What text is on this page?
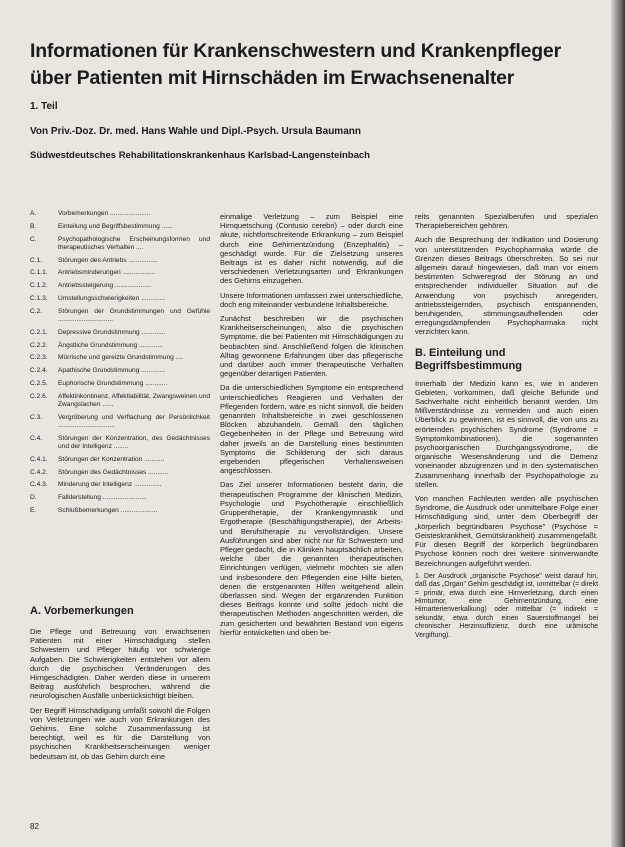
Informationen für Krankenschwestern und Krankenpfleger
über Patienten mit Hirnschäden im Erwachsenenalter
1. Teil
Von Priv.-Doz. Dr. med. Hans Wahle und Dipl.-Psych. Ursula Baumann
Südwestdeutsches Rehabilitationskrankenhaus Karlsbad-Langensteinbach
A.	Vorbemerkungen ......................
B.	Einteilung und Begriffsbestimmung ......
C.	Psychopathologische Erscheinungsformen und therapeutisches Verhalten ....
C.1.	Störungen des Antriebs ................
C.1.1.	Antriebsminderungen ..................
C.1.2.	Antriebssteigerung ....................
C.1.3.	Umstellungsschwierigkeiten .............
C.2.	Störungen der Grundstimmungen und Gefühle ..............................
C.2.1.	Depressive Grundstimmung .............
C.2.2.	Ängstliche Grundstimmung .............
C.2.3.	Mürrische und gereizte Grundstimmung ....
C.2.4.	Apathische Grundstimmung .............
C.2.5.	Euphorische Grundstimmung ............
C.2.6.	Affektinkontinenz, Affektlabilität, Zwangsweinen und Zwangslachen ......
C.3.	Vergröberung und Verflachung der Persönlichkeit ...............................
C.4.	Störungen der Konzentration, des Gedächtnisses und der Intelligenz ........
C.4.1.	Störungen der Konzentration ...........
C.4.2.	Störungen des Gedächtnisses ...........
C.4.3.	Minderung der Intelligenz ...............
D.	Fallderstellung ........................
E.	Schlußbemerkungen ....................
A. Vorbemerkungen

Die Pflege und Betreuung von erwachsenen Patienten mit einer Hirnschädigung stellen Schwestern und Pfleger häufig vor schwierige Aufgaben. Die Schwierigkeiten entstehen vor allem durch die psychischen Veränderungen des Hirngeschädigten. Daher werden diese in unserem Beitrag ausführlich besprochen, während die neurologischen Ausfälle unberücksichtigt bleiben.

Der Begriff Hirnschädigung umfaßt sowohl die Folgen von Verletzungen wie auch von Erkrankungen des Gehirns. Eine solche Zusammenfassung ist berechtigt, weil es für die Darstellung von psychischen Krankheitserscheinungen weniger bedeutsam ist, ob das Gehirn durch eine

einmalige Verletzung – zum Beispiel eine Hirnquetschung (Contusio cerebri) – oder durch eine akute, nichtfortschreitende Erkrankung – zum Beispiel durch eine Gehirnentzündung (Enzephalitis) – geschädigt wurde. Für die Zielsetzung unseres Beitrags ist es daher nicht notwendig, auf die verschiedenen Verletzungsarten und Erkrankungen des Gehirns einzugehen.

Unsere Informationen umfassen zwei unterschiedliche, doch eng miteinander verbundene Inhaltsbereiche.

Zunächst beschreiben wir die psychischen Krankheitserscheinungen, also die psychischen Symptome, die bei Patienten mit Hirnschädigungen zu beobachten sind. Anschließend folgen die klinischen Alltag gewonnene Erfahrungen über das pflegerische und darüber auch immer therapeutische Verhalten gegenüber derartigen Patienten.

Da die unterschiedlichen Symptome ein entsprechend unterschiedliches Reagieren und Verhalten der Pflegenden fordern, wäre es nicht sinnvoll, die beiden genannten Inhaltsbereiche in zwei geschlossenen Blöcken abzuhandeln. Gemäß den täglichen Gegebenheiten in der Pflege und Betreuung wird daher jeweils an die Darstellung eines bestimmten Symptoms die Schilderung der sich daraus ergebenden pflegerischen Verhaltensweisen angeschlossen.

Das Ziel unserer Informationen besteht darin, die therapeutischen Programme der klinischen Medizin, Psychologie und Psychotherapie einschließlich Gruppentherapie, der Krankengymnastik und Ergotherapie (Beschäftigungstherapie), der Arbeits- und Berufstherapie zu vervollständigen. Unsere Ausführungen sind aber nicht nur für Schwestern und Pfleger gedacht, die in Kliniken hauptsächlich arbeiten, welche über die genannten therapeutischen Einrichtungen verfügen, vielmehr möchten sie allen und insbesondere den Pflegenden eine Hilfe bieten, denen die erstgenannten Hilfen weitgehend allein überlassen sind. Wegen der ergänzenden Funktion dieses Beitrags konnte und sollte jedoch nicht die therapeutischen Methoden angeschnitten werden, die zum gesicherten und bewährten Bestand von eigens hierfür entwickelten und oben be-

reits genannten Spezialberufen und spezialen Therapiebereichen gehören.

Auch die Besprechung der Indikation und Dosierung von unterstützenden Psychopharmaka würde die Grenzen dieses Beitrags überschreiten. So sei nur allgemein darauf hingewiesen, daß man vor einem bestimmten Schweregrad der Störung an und entsprechender individueller Situation auf die Anwendung von psychisch anregenden, antriebssteigernden, psychisch entspannenden, beruhigenden, stimmungsaufhellenden oder erregungsdämpfenden Psychopharmaka nicht verzichten kann.

B. Einteilung und Begriffsbestimmung

Innerhalb der Medizin kann es, wie in anderen Gebieten, vorkommen, daß gleiche Befunde und Sachverhalte nicht einheitlich benannt werden. Um Mißverständnisse zu vermeiden und auch einen Überblick zu gewinnen, ist es sinnvoll, die von uns zu erörternden psychischen Syndrome (Syndrome = Symptomkombinationen), die sogenannten psychoorganischen Durchgangssyndrome, die organische Wesensänderung und die Demenz voneinander abzugrenzen und in den systematischen Zusammenhang innerhalb der Psychopathologie zu stellen.

Von manchen Fachleuten werden alle psychischen Syndrome, die Ausdruck oder unmittelbare Folge einer Hirnschädigung sind, unter dem Oberbegriff der „körperlich begründbaren Psychose" (Psychose = Geisteskrankheit, Gemütskrankheit) zusammengefaßt. Für diesen Begriff der körperlich begründbaren Psychose können noch drei weitere sinnverwandte Bezeichnungen aufgeführt werden.

1. Der Ausdruck „organische Psychose" weist darauf hin, daß das „Organ" Gehirn geschädigt ist, unmittelbar (= direkt = primär, etwa durch eine Hirnverletzung, durch einen Hirntumor, eine Gehirnentzündung, eine Hirnarterienverkalkung) oder mittelbar (= indirekt = sekundär, etwa durch einen Sauerstoffmangel bei chronischer Herzinsuffizienz, durch eine urämische Vergiftung).

82
